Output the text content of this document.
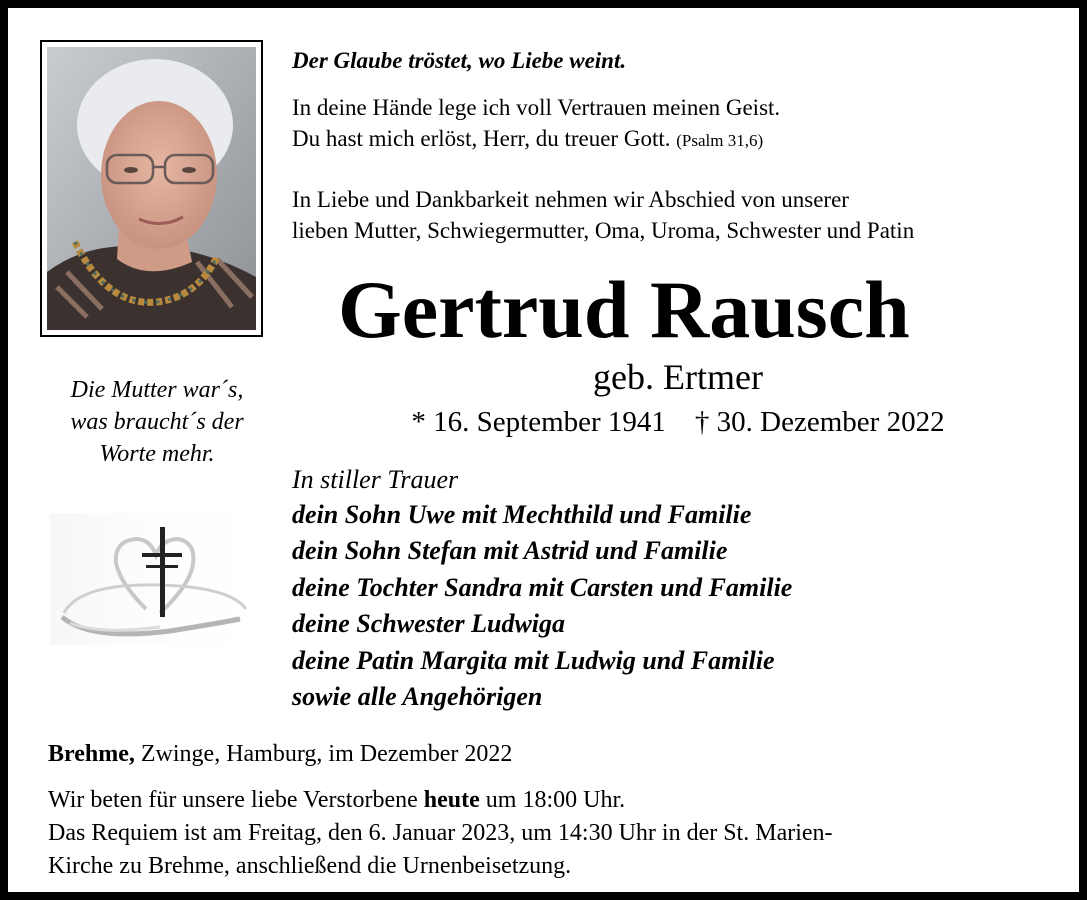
Die Mutter war´s,
was braucht´s der
Worte mehr.
Der Glaube tröstet, wo Liebe weint.
In deine Hände lege ich voll Vertrauen meinen Geist.
Du hast mich erlöst, Herr, du treuer Gott. (Psalm 31,6)
In Liebe und Dankbarkeit nehmen wir Abschied von unserer
lieben Mutter, Schwiegermutter, Oma, Uroma, Schwester und Patin
Gertrud Rausch
geb. Ertmer
* 16. September 1941 † 30. Dezember 2022
In stiller Trauer
dein Sohn Uwe mit Mechthild und Familie
dein Sohn Stefan mit Astrid und Familie
deine Tochter Sandra mit Carsten und Familie
deine Schwester Ludwiga
deine Patin Margita mit Ludwig und Familie
sowie alle Angehörigen
Brehme, Zwinge, Hamburg, im Dezember 2022
Wir beten für unsere liebe Verstorbene heute um 18:00 Uhr.
Das Requiem ist am Freitag, den 6. Januar 2023, um 14:30 Uhr in der St. Marien-
Kirche zu Brehme, anschließend die Urnenbeisetzung.
